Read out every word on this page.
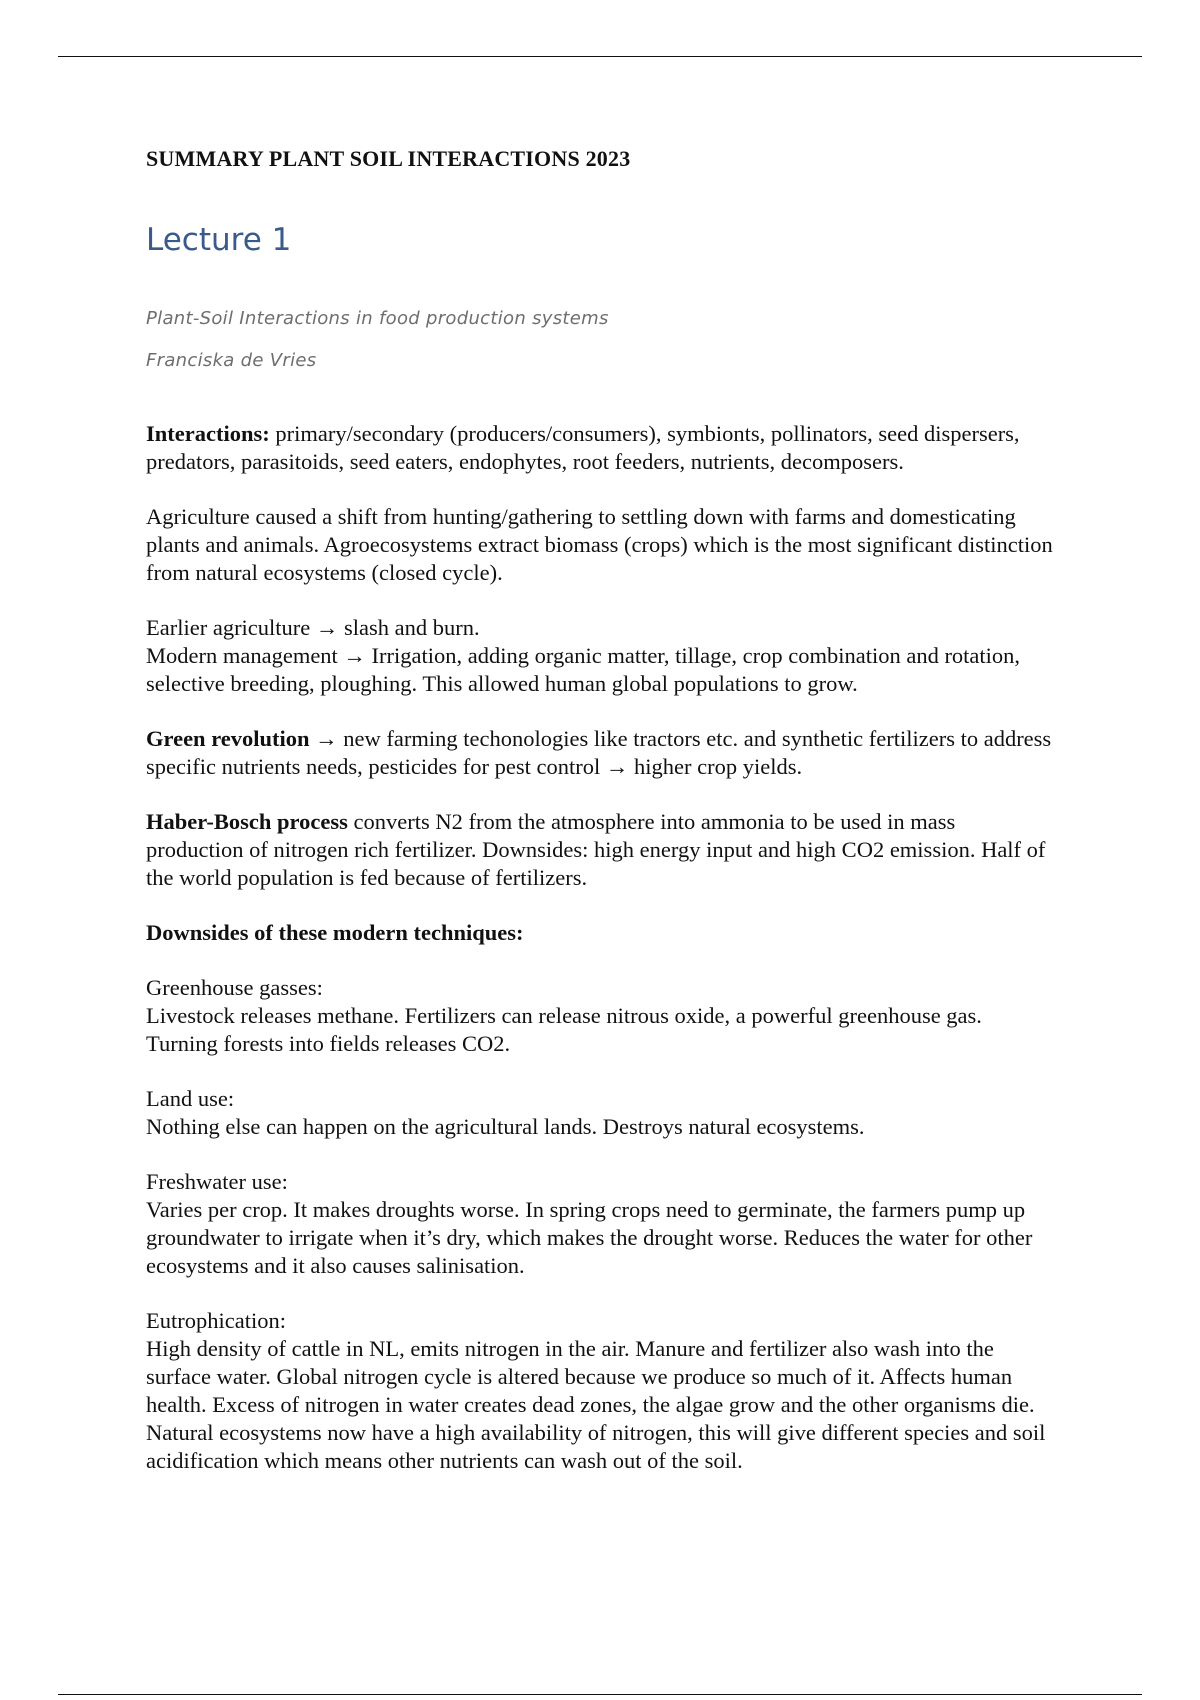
SUMMARY PLANT SOIL INTERACTIONS 2023
Lecture 1

Plant-Soil Interactions in food production systems

Franciska de Vries

Interactions: primary/secondary (producers/consumers), symbionts, pollinators, seed dispersers, predators, parasitoids, seed eaters, endophytes, root feeders, nutrients, decomposers.

Agriculture caused a shift from hunting/gathering to settling down with farms and domesticating plants and animals. Agroecosystems extract biomass (crops) which is the most significant distinction from natural ecosystems (closed cycle).

Earlier agriculture → slash and burn.
Modern management → Irrigation, adding organic matter, tillage, crop combination and rotation, selective breeding, ploughing. This allowed human global populations to grow.

Green revolution → new farming techonologies like tractors etc. and synthetic fertilizers to address specific nutrients needs, pesticides for pest control → higher crop yields.

Haber-Bosch process converts N2 from the atmosphere into ammonia to be used in mass production of nitrogen rich fertilizer. Downsides: high energy input and high CO2 emission. Half of the world population is fed because of fertilizers.

Downsides of these modern techniques:

Greenhouse gasses:
Livestock releases methane. Fertilizers can release nitrous oxide, a powerful greenhouse gas. Turning forests into fields releases CO2.

Land use:
Nothing else can happen on the agricultural lands. Destroys natural ecosystems.

Freshwater use:
Varies per crop. It makes droughts worse. In spring crops need to germinate, the farmers pump up groundwater to irrigate when it’s dry, which makes the drought worse. Reduces the water for other ecosystems and it also causes salinisation.

Eutrophication:
High density of cattle in NL, emits nitrogen in the air. Manure and fertilizer also wash into the surface water. Global nitrogen cycle is altered because we produce so much of it. Affects human health. Excess of nitrogen in water creates dead zones, the algae grow and the other organisms die. Natural ecosystems now have a high availability of nitrogen, this will give different species and soil acidification which means other nutrients can wash out of the soil.
